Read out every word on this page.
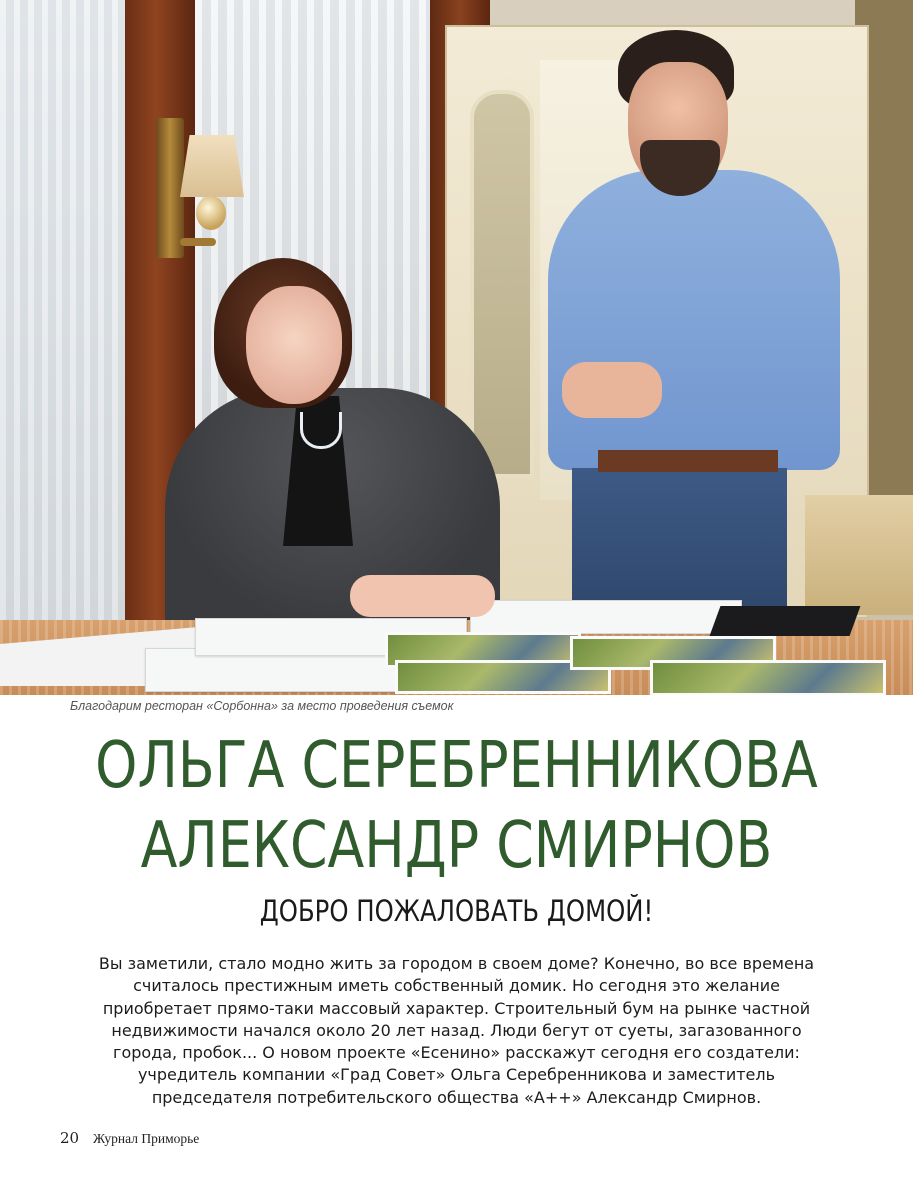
Благодарим ресторан «Сорбонна» за место проведения съемок
ОЛЬГА СЕРЕБРЕННИКОВА
АЛЕКСАНДР СМИРНОВ
ДОБРО ПОЖАЛОВАТЬ ДОМОЙ!
Вы заметили, стало модно жить за городом в своем доме? Конечно, во все времена
считалось престижным иметь собственный домик. Но сегодня это желание
приобретает прямо-таки массовый характер. Строительный бум на рынке частной
недвижимости начался около 20 лет назад. Люди бегут от суеты, загазованного
города, пробок... О новом проекте «Есенино» расскажут сегодня его создатели:
учредитель компании «Град Совет» Ольга Серебренникова и заместитель
председателя потребительского общества «А++» Александр Смирнов.
20 Журнал Приморье
